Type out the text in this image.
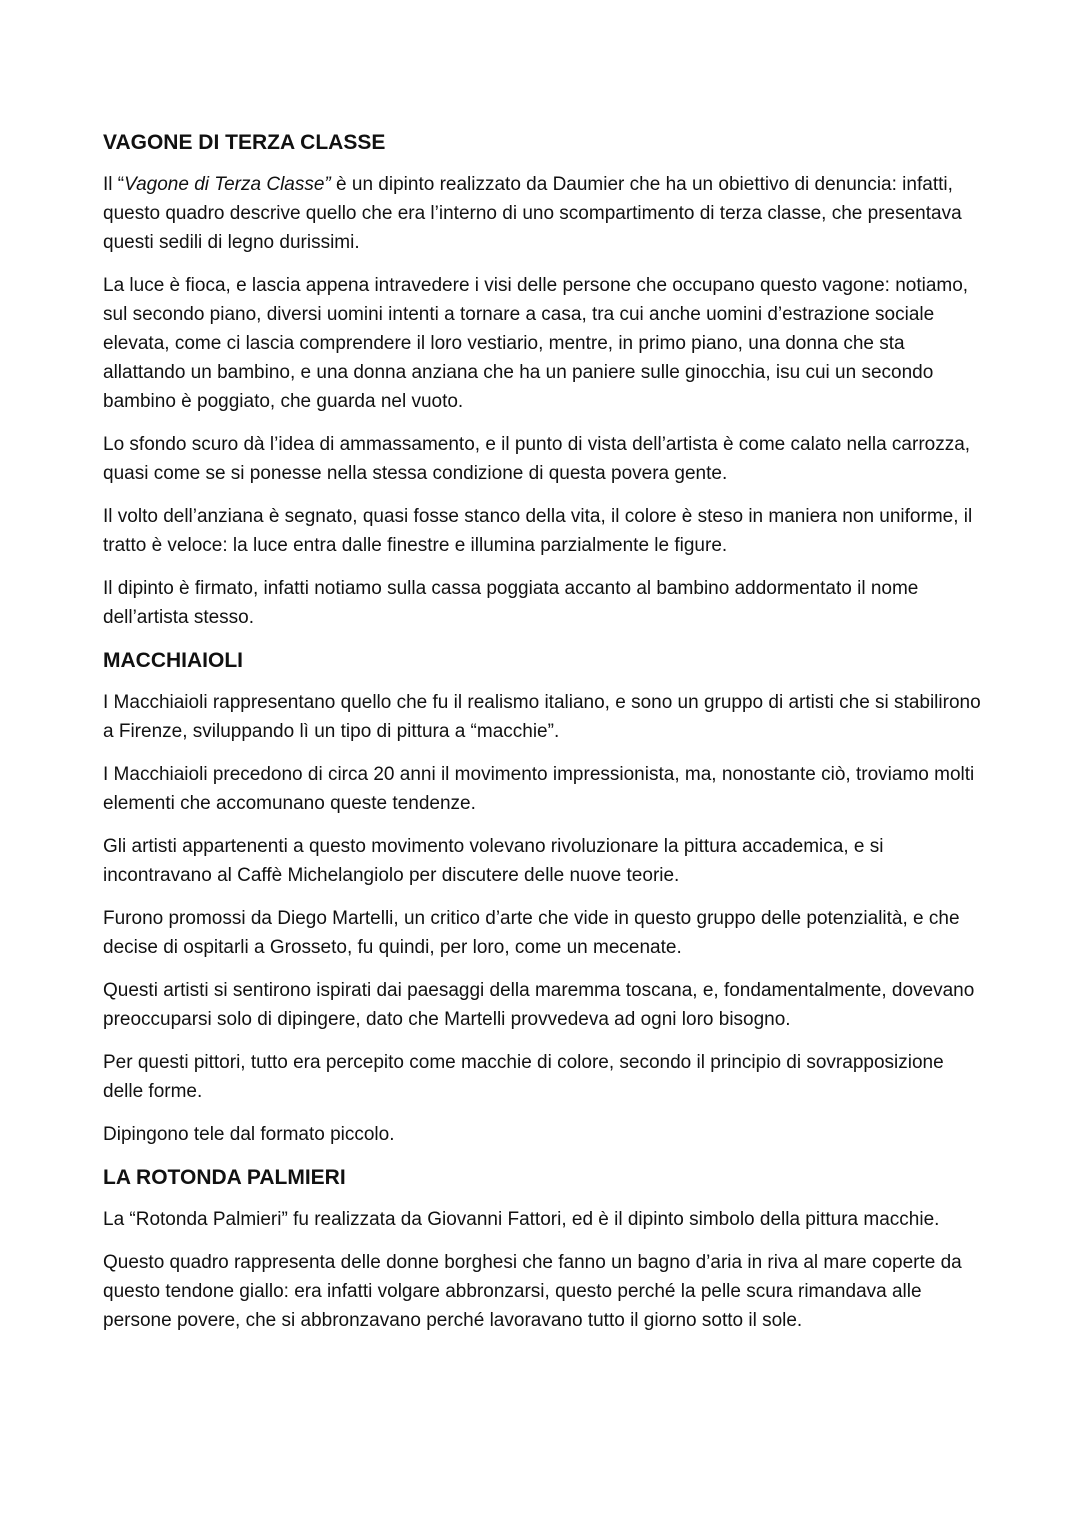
VAGONE DI TERZA CLASSE

Il “Vagone di Terza Classe” è un dipinto realizzato da Daumier che ha un obiettivo di denuncia: infatti, questo quadro descrive quello che era l’interno di uno scompartimento di terza classe, che presentava questi sedili di legno durissimi.

La luce è fioca, e lascia appena intravedere i visi delle persone che occupano questo vagone: notiamo, sul secondo piano, diversi uomini intenti a tornare a casa, tra cui anche uomini d’estrazione sociale elevata, come ci lascia comprendere il loro vestiario, mentre, in primo piano, una donna che sta allattando un bambino, e una donna anziana che ha un paniere sulle ginocchia, isu cui un secondo bambino è poggiato, che guarda nel vuoto.

Lo sfondo scuro dà l’idea di ammassamento, e il punto di vista dell’artista è come calato nella carrozza, quasi come se si ponesse nella stessa condizione di questa povera gente.

Il volto dell’anziana è segnato, quasi fosse stanco della vita, il colore è steso in maniera non uniforme, il tratto è veloce: la luce entra dalle finestre e illumina parzialmente le figure.

Il dipinto è firmato, infatti notiamo sulla cassa poggiata accanto al bambino addormentato il nome dell’artista stesso.

MACCHIAIOLI

I Macchiaioli rappresentano quello che fu il realismo italiano, e sono un gruppo di artisti che si stabilirono a Firenze, sviluppando lì un tipo di pittura a “macchie”.

I Macchiaioli precedono di circa 20 anni il movimento impressionista, ma, nonostante ciò, troviamo molti elementi che accomunano queste tendenze.

Gli artisti appartenenti a questo movimento volevano rivoluzionare la pittura accademica, e si incontravano al Caffè Michelangiolo per discutere delle nuove teorie.

Furono promossi da Diego Martelli, un critico d’arte che vide in questo gruppo delle potenzialità, e che decise di ospitarli a Grosseto, fu quindi, per loro, come un mecenate.

Questi artisti si sentirono ispirati dai paesaggi della maremma toscana, e, fondamentalmente, dovevano preoccuparsi solo di dipingere, dato che Martelli provvedeva ad ogni loro bisogno.

Per questi pittori, tutto era percepito come macchie di colore, secondo il principio di sovrapposizione delle forme.

Dipingono tele dal formato piccolo.

LA ROTONDA PALMIERI

La “Rotonda Palmieri” fu realizzata da Giovanni Fattori, ed è il dipinto simbolo della pittura macchie.

Questo quadro rappresenta delle donne borghesi che fanno un bagno d’aria in riva al mare coperte da questo tendone giallo: era infatti volgare abbronzarsi, questo perché la pelle scura rimandava alle persone povere, che si abbronzavano perché lavoravano tutto il giorno sotto il sole.
